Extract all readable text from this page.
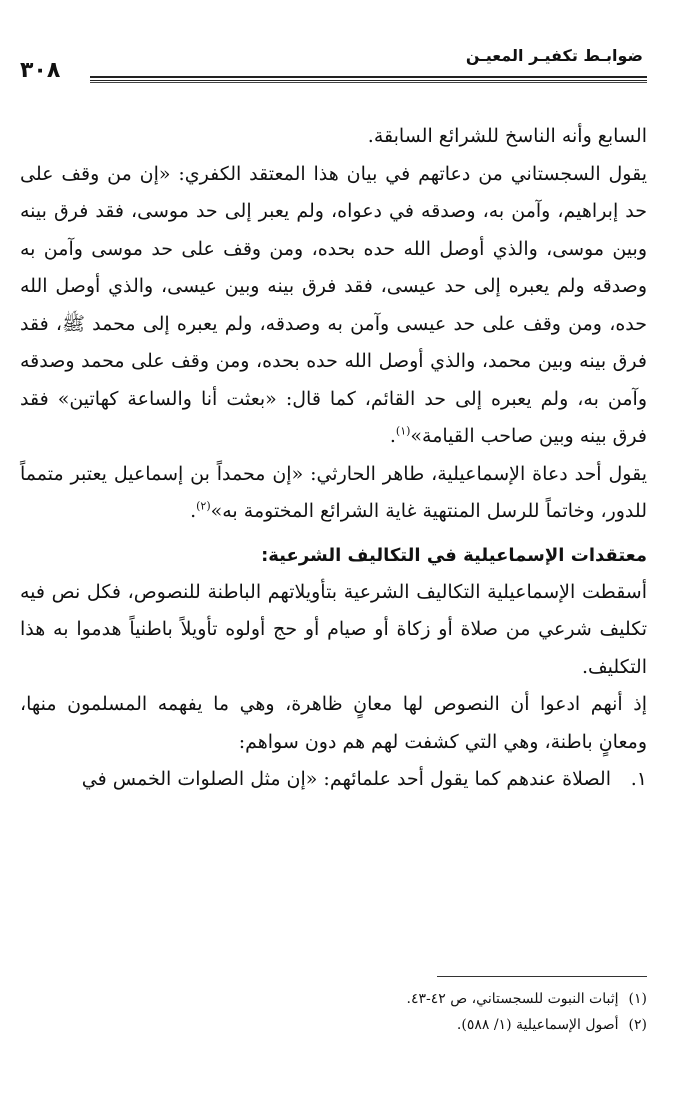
ضوابـط تكفيـر المعيـن
٣٠٨

السابع وأنه الناسخ للشرائع السابقة.

يقول السجستاني من دعاتهم في بيان هذا المعتقد الكفري: «إن من وقف على حد إبراهيم، وآمن به، وصدقه في دعواه، ولم يعبر إلى حد موسى، فقد فرق بينه وبين موسى، والذي أوصل الله حده بحده، ومن وقف على حد موسى وآمن به وصدقه ولم يعبره إلى حد عيسى، فقد فرق بينه وبين عيسى، والذي أوصل الله حده، ومن وقف على حد عيسى وآمن به وصدقه، ولم يعبره إلى محمد ﷺ، فقد فرق بينه وبين محمد، والذي أوصل الله حده بحده، ومن وقف على محمد وصدقه وآمن به، ولم يعبره إلى حد القائم، كما قال: «بعثت أنا والساعة كهاتين» فقد فرق بينه وبين صاحب القيامة»$^{(١)}$.

يقول أحد دعاة الإسماعيلية، طاهر الحارثي: «إن محمداً بن إسماعيل يعتبر متمماً للدور، وخاتماً للرسل المنتهية غاية الشرائع المختومة به»$^{(٢)}$.

معتقدات الإسماعيلية في التكاليف الشرعية:

أسقطت الإسماعيلية التكاليف الشرعية بتأويلاتهم الباطنة للنصوص، فكل نص فيه تكليف شرعي من صلاة أو زكاة أو صيام أو حج أولوه تأويلاً باطنياً هدموا به هذا التكليف.

إذ أنهم ادعوا أن النصوص لها معانٍ ظاهرة، وهي ما يفهمه المسلمون منها، ومعانٍ باطنة، وهي التي كشفت لهم هم دون سواهم:

١.

الصلاة عندهم كما يقول أحد علمائهم: «إن مثل الصلوات الخمس في

(١)إثبات النبوت للسجستاني، ص ٤٢-٤٣.

(٢)أصول الإسماعيلية (١/ ٥٨٨).
